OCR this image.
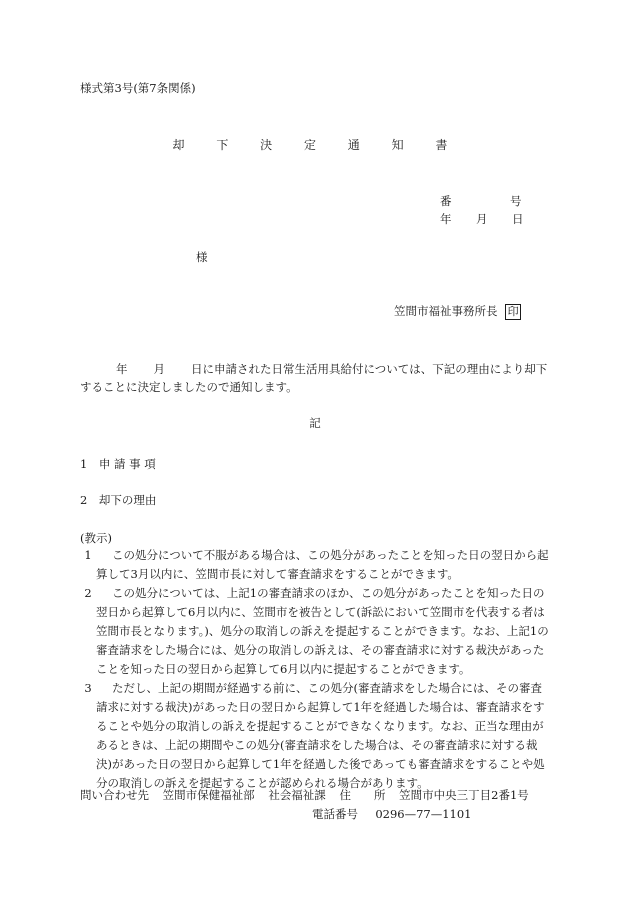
様式第3号(第7条関係)
却 下 決 定 通 知 書
番	号
年 月 日
様
笠間市福祉事務所長 印
年 月 日に申請された日常生活用具給付については、下記の理由により却下することに決定しましたので通知します。
記
1　申 請 事 項
2　却下の理由
(教示)
1 この処分について不服がある場合は、この処分があったことを知った日の翌日から起算して3月以内に、笠間市長に対して審査請求をすることができます。
2 この処分については、上記1の審査請求のほか、この処分があったことを知った日の翌日から起算して6月以内に、笠間市を被告として(訴訟において笠間市を代表する者は笠間市長となります。)、処分の取消しの訴えを提起することができます。なお、上記1の審査請求をした場合には、処分の取消しの訴えは、その審査請求に対する裁決があったことを知った日の翌日から起算して6月以内に提起することができます。
3 ただし、上記の期間が経過する前に、この処分(審査請求をした場合には、その審査請求に対する裁決)があった日の翌日から起算して1年を経過した場合は、審査請求をすることや処分の取消しの訴えを提起することができなくなります。なお、正当な理由があるときは、上記の期間やこの処分(審査請求をした場合は、その審査請求に対する裁決)があった日の翌日から起算して1年を経過した後であっても審査請求をすることや処分の取消しの訴えを提起することが認められる場合があります。
問い合わせ先 笠間市保健福祉部 社会福祉課 住　　所 笠間市中央三丁目2番1号
電話番号 0296—77—1101
